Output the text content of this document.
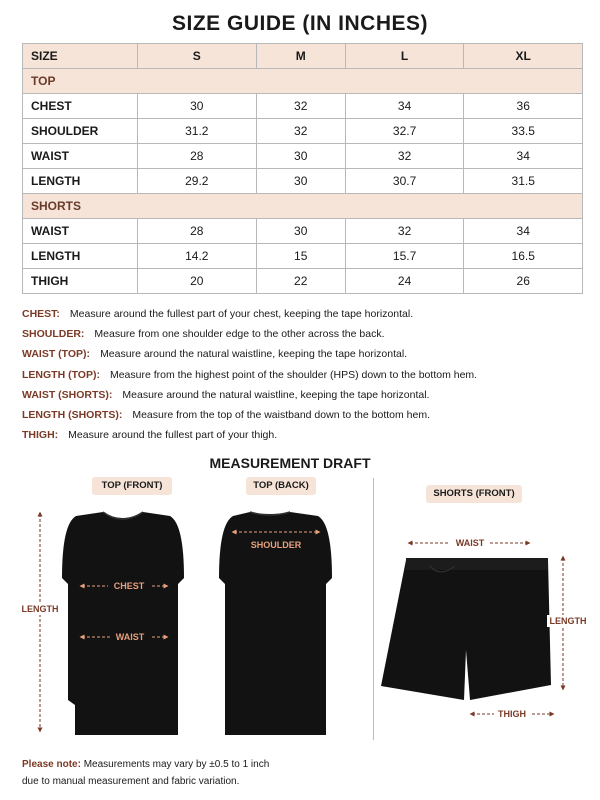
SIZE GUIDE (IN INCHES)
SIZE	S	M	L	XL
TOP				
CHEST	30	32	34	36
SHOULDER	31.2	32	32.7	33.5
WAIST	28	30	32	34
LENGTH	29.2	30	30.7	31.5
SHORTS				
WAIST	28	30	32	34
LENGTH	14.2	15	15.7	16.5
THIGH	20	22	24	26
CHEST: Measure around the fullest part of your chest, keeping the tape horizontal.
SHOULDER: Measure from one shoulder edge to the other across the back.
WAIST (TOP): Measure around the natural waistline, keeping the tape horizontal.
LENGTH (TOP): Measure from the highest point of the shoulder (HPS) down to the bottom hem.
WAIST (SHORTS): Measure around the natural waistline, keeping the tape horizontal.
LENGTH (SHORTS): Measure from the top of the waistband down to the bottom hem.
THIGH: Measure around the fullest part of your thigh.
MEASUREMENT DRAFT
TOP (FRONT)	TOP (BACK)
SHORTS (FRONT)
CHEST
WAIST
LENGTH
SHOULDER	WAIST
LENGTH
THIGH
Please note: Measurements may vary by ±0.5 to 1 inch
due to manual measurement and fabric variation.
